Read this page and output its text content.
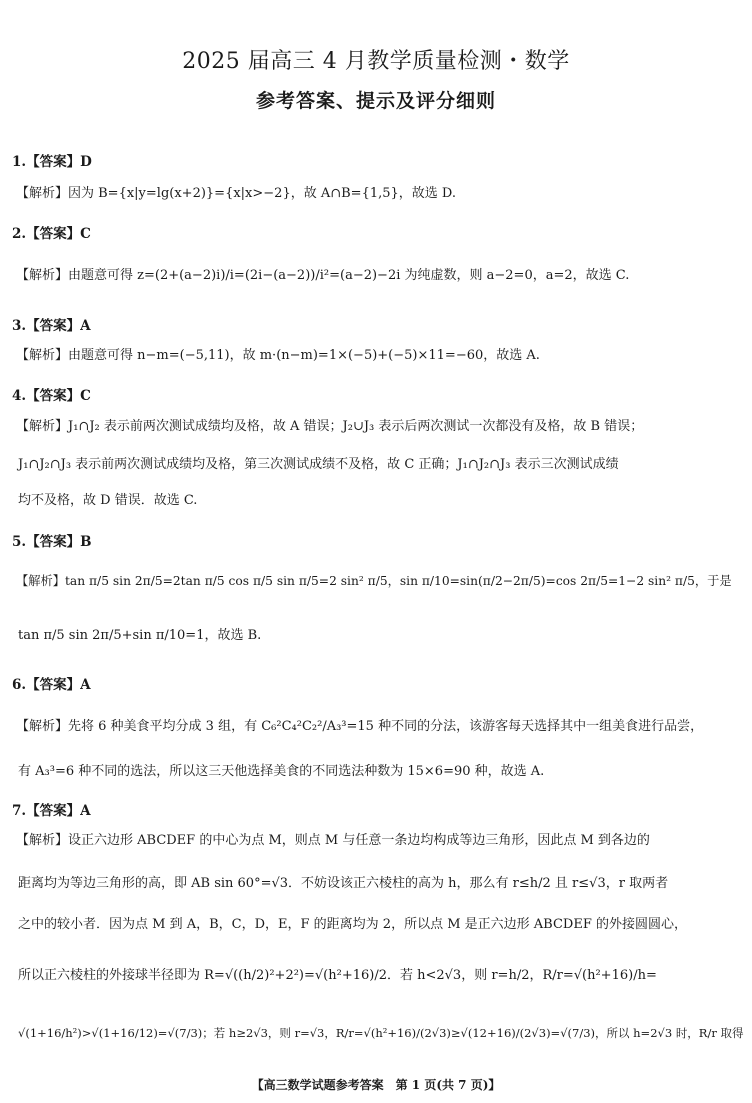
2025 届高三 4 月教学质量检测・数学
参考答案、提示及评分细则
1.【答案】D
【解析】因为 B={x|y=lg(x+2)}={x|x>−2}，故 A∩B={1,5}，故选 D.
2.【答案】C
【解析】由题意可得 z=(2+(a−2)i)/i=(2i−(a−2))/i²=(a−2)−2i 为纯虚数，则 a−2=0，a=2，故选 C.
3.【答案】A
【解析】由题意可得 n−m=(−5,11)，故 m·(n−m)=1×(−5)+(−5)×11=−60，故选 A.
4.【答案】C
【解析】J₁∩J₂ 表示前两次测试成绩均及格，故 A 错误；J₂∪J₃ 表示后两次测试一次都没有及格，故 B 错误；
J₁∩J₂∩J₃ 表示前两次测试成绩均及格，第三次测试成绩不及格，故 C 正确；J₁∩J₂∩J₃ 表示三次测试成绩
均不及格，故 D 错误．故选 C.
5.【答案】B
【解析】tan π/5 sin 2π/5=2tan π/5 cos π/5 sin π/5=2 sin² π/5，sin π/10=sin(π/2−2π/5)=cos 2π/5=1−2 sin² π/5，于是
tan π/5 sin 2π/5+sin π/10=1，故选 B.
6.【答案】A
【解析】先将 6 种美食平均分成 3 组，有 C₆²C₄²C₂²/A₃³=15 种不同的分法，该游客每天选择其中一组美食进行品尝，
有 A₃³=6 种不同的选法，所以这三天他选择美食的不同选法种数为 15×6=90 种，故选 A.
7.【答案】A
【解析】设正六边形 ABCDEF 的中心为点 M，则点 M 与任意一条边均构成等边三角形，因此点 M 到各边的
距离均为等边三角形的高，即 AB sin 60°=√3．不妨设该正六棱柱的高为 h，那么有 r≤h/2 且 r≤√3，r 取两者
之中的较小者．因为点 M 到 A，B，C，D，E，F 的距离均为 2，所以点 M 是正六边形 ABCDEF 的外接圆圆心，
所以正六棱柱的外接球半径即为 R=√((h/2)²+2²)=√(h²+16)/2．若 h<2√3，则 r=h/2，R/r=√(h²+16)/h=
√(1+16/h²)>√(1+16/12)=√(7/3)；若 h≥2√3，则 r=√3，R/r=√(h²+16)/(2√3)≥√(12+16)/(2√3)=√(7/3)，所以 h=2√3 时，R/r 取得
【高三数学试题参考答案　第 1 页(共 7 页)】
